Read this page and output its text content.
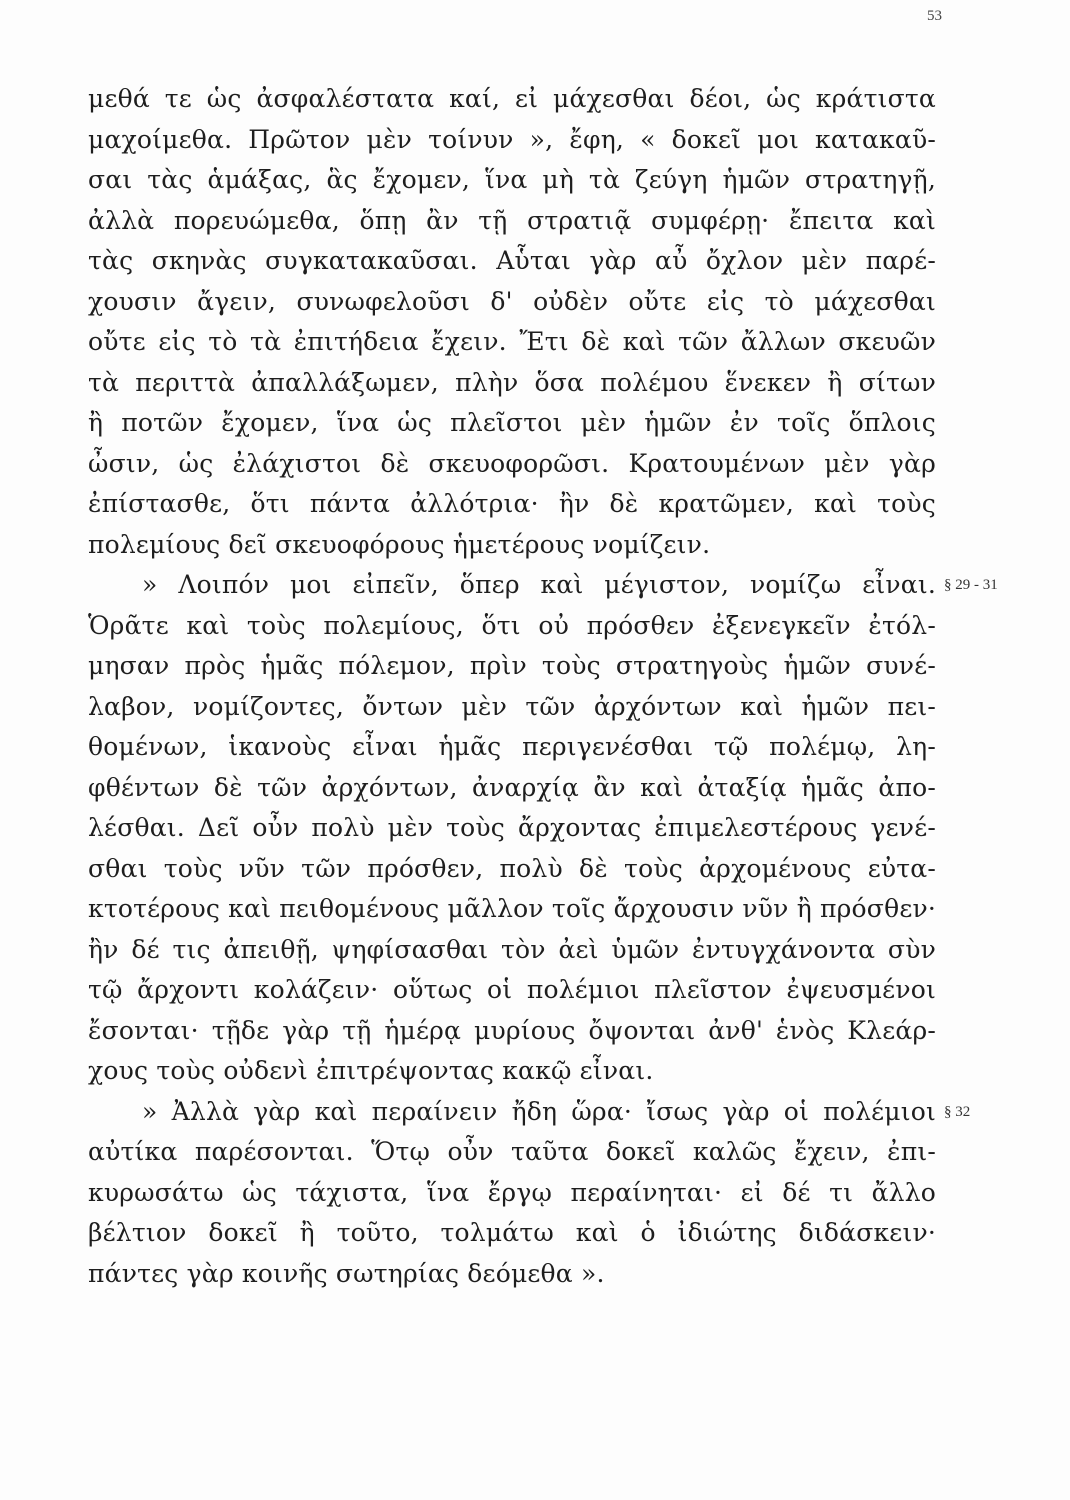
53
μεθά τε ὡς ἀσφαλέστατα καί, εἰ μάχεσθαι δέοι, ὡς κράτιστα
μαχοίμεθα. Πρῶτον μὲν τοίνυν », ἔφη, « δοκεῖ μοι κατακαῦ-
σαι τὰς ἁμάξας, ἃς ἔχομεν, ἵνα μὴ τὰ ζεύγη ἡμῶν στρατηγῇ,
ἀλλὰ πορευώμεθα, ὅπῃ ἂν τῇ στρατιᾷ συμφέρῃ· ἔπειτα καὶ
τὰς σκηνὰς συγκατακαῦσαι. Αὗται γὰρ αὖ ὄχλον μὲν παρέ-
χουσιν ἄγειν, συνωφελοῦσι δ' οὐδὲν οὔτε εἰς τὸ μάχεσθαι
οὔτε εἰς τὸ τὰ ἐπιτήδεια ἔχειν. Ἔτι δὲ καὶ τῶν ἄλλων σκευῶν
τὰ περιττὰ ἀπαλλάξωμεν, πλὴν ὅσα πολέμου ἕνεκεν ἢ σίτων
ἢ ποτῶν ἔχομεν, ἵνα ὡς πλεῖστοι μὲν ἡμῶν ἐν τοῖς ὅπλοις
ὦσιν, ὡς ἐλάχιστοι δὲ σκευοφορῶσι. Κρατουμένων μὲν γὰρ
ἐπίστασθε, ὅτι πάντα ἀλλότρια· ἢν δὲ κρατῶμεν, καὶ τοὺς
πολεμίους δεῖ σκευοφόρους ἡμετέρους νομίζειν.
» Λοιπόν μοι εἰπεῖν, ὅπερ καὶ μέγιστον, νομίζω εἶναι. § 29 - 31
Ὁρᾶτε καὶ τοὺς πολεμίους, ὅτι οὐ πρόσθεν ἐξενεγκεῖν ἐτόλ-
μησαν πρὸς ἡμᾶς πόλεμον, πρὶν τοὺς στρατηγοὺς ἡμῶν συνέ-
λαβον, νομίζοντες, ὄντων μὲν τῶν ἀρχόντων καὶ ἡμῶν πει-
θομένων, ἱκανοὺς εἶναι ἡμᾶς περιγενέσθαι τῷ πολέμῳ, λη-
φθέντων δὲ τῶν ἀρχόντων, ἀναρχίᾳ ἂν καὶ ἀταξίᾳ ἡμᾶς ἀπο-
λέσθαι. Δεῖ οὖν πολὺ μὲν τοὺς ἄρχοντας ἐπιμελεστέρους γενέ-
σθαι τοὺς νῦν τῶν πρόσθεν, πολὺ δὲ τοὺς ἀρχομένους εὐτα-
κτοτέρους καὶ πειθομένους μᾶλλον τοῖς ἄρχουσιν νῦν ἢ πρόσθεν·
ἢν δέ τις ἀπειθῇ, ψηφίσασθαι τὸν ἀεὶ ὑμῶν ἐντυγχάνοντα σὺν
τῷ ἄρχοντι κολάζειν· οὕτως οἱ πολέμιοι πλεῖστον ἐψευσμένοι
ἔσονται· τῇδε γὰρ τῇ ἡμέρᾳ μυρίους ὄψονται ἀνθ' ἑνὸς Κλεάρ-
χους τοὺς οὐδενὶ ἐπιτρέψοντας κακῷ εἶναι.
» Ἀλλὰ γὰρ καὶ περαίνειν ἤδη ὥρα· ἴσως γὰρ οἱ πολέμιοι § 32
αὐτίκα παρέσονται. Ὅτῳ οὖν ταῦτα δοκεῖ καλῶς ἔχειν, ἐπι-
κυρωσάτω ὡς τάχιστα, ἵνα ἔργῳ περαίνηται· εἰ δέ τι ἄλλο
βέλτιον δοκεῖ ἢ τοῦτο, τολμάτω καὶ ὁ ἰδιώτης διδάσκειν·
πάντες γὰρ κοινῆς σωτηρίας δεόμεθα ».
